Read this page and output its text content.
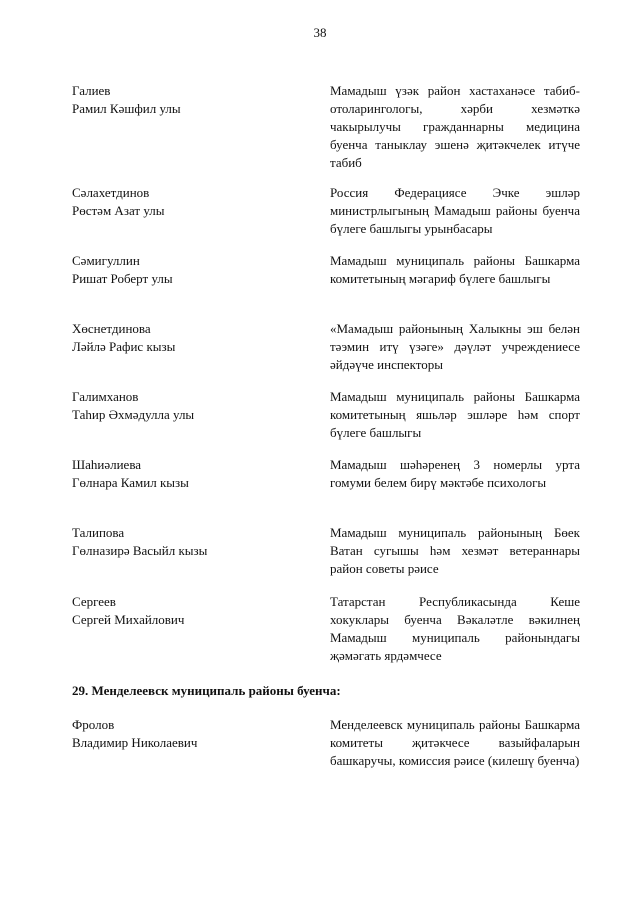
38
Галиев
Рамил Кәшфил улы
Мамадыш үзәк район хастаханәсе табиб-отоларингологы, хәрби хезмәткә чакырылучы гражданнарны медицина буенча таныклау эшенә җитәкчелек итүче табиб
Сәлахетдинов
Рөстәм Азат улы
Россия Федерациясе Эчке эшләр министрлыгының Мамадыш районы буенча бүлеге башлыгы урынбасары
Сәмигуллин
Ришат Роберт улы
Мамадыш муниципаль районы Башкарма комитетының мәгариф бүлеге башлыгы
Хөснетдинова
Ләйлә Рафис кызы
«Мамадыш районының Халыкны эш белән тәэмин итү үзәге» дәүләт учреждениесе әйдәүче инспекторы
Галимханов
Таһир Әхмәдулла улы
Мамадыш муниципаль районы Башкарма комитетының яшьләр эшләре һәм спорт бүлеге башлыгы
Шаһиәлиева
Гөлнара Камил кызы
Мамадыш шәһәренең 3 номерлы урта гомуми белем бирү мәктәбе психологы
Талипова
Гөлназирә Васыйл кызы
Мамадыш муниципаль районының Бөек Ватан сугышы һәм хезмәт ветераннары район советы рәисе
Сергеев
Сергей Михайлович
Татарстан Республикасында Кеше хокуклары буенча Вәкаләтле вәкилнең Мамадыш муниципаль районындагы җәмәгать ярдәмчесе
29. Менделеевск муниципаль районы буенча:
Фролов
Владимир Николаевич
Менделеевск муниципаль районы Башкарма комитеты җитәкчесе вазыйфаларын башкаручы, комиссия рәисе (килешү буенча)
